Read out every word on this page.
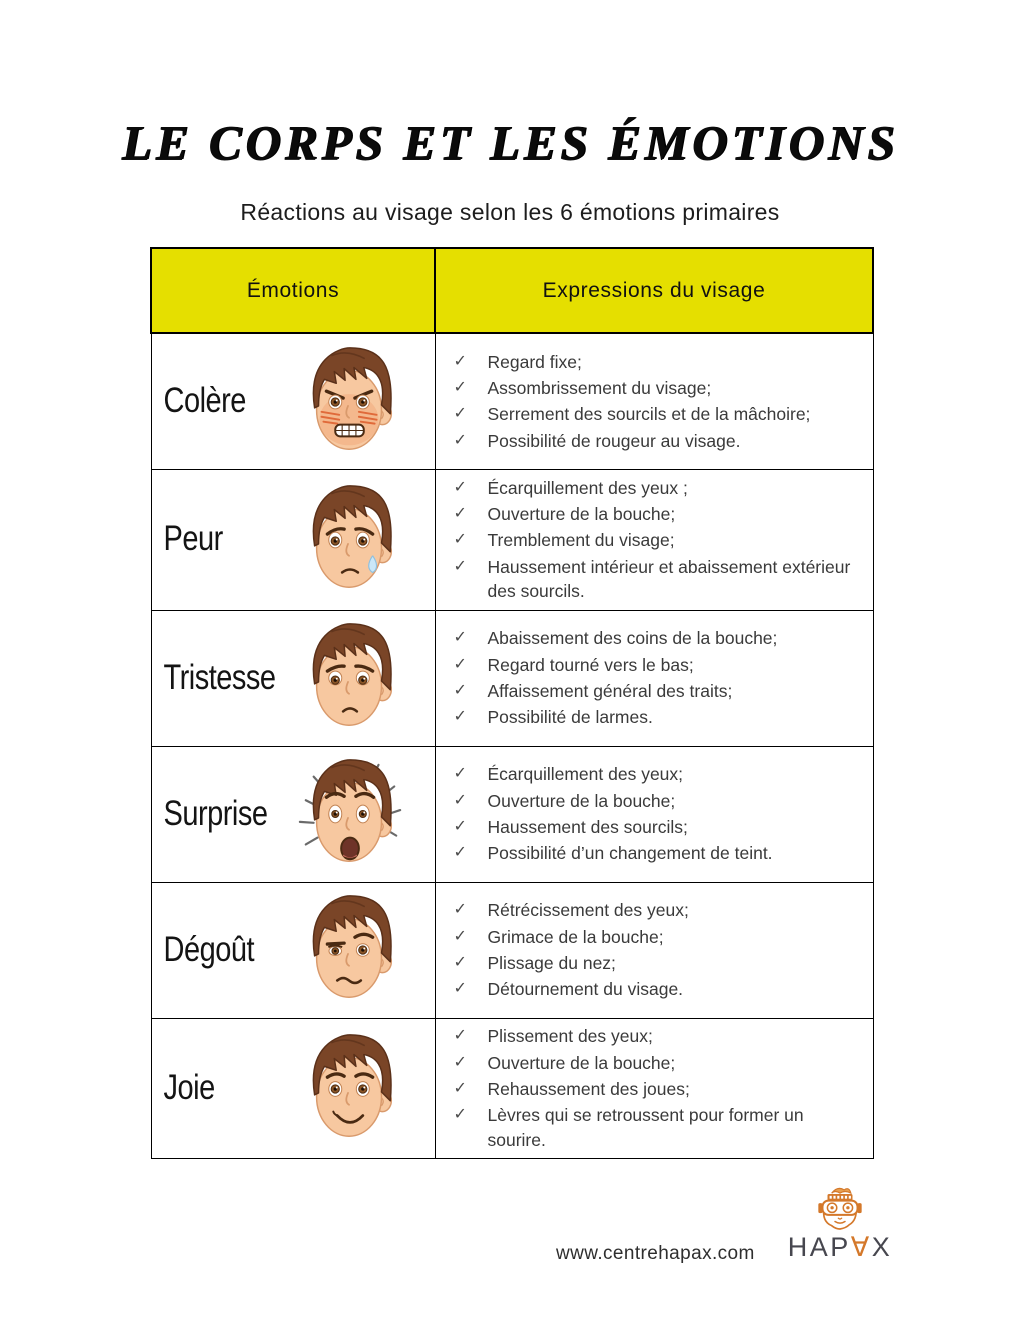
LE CORPS ET LES ÉMOTIONS
Réactions au visage selon les 6 émotions primaires
Émotions	Expressions du visage

Colère

✓	Regard fixe;
✓	Assombrissement du visage;
✓	Serrement des sourcils et de la mâchoire;
✓	Possibilité de rougeur au visage.

Peur

✓	Écarquillement des yeux ;
✓	Ouverture de la bouche;
✓	Tremblement du visage;
✓	Haussement intérieur et abaissement extérieur des sourcils.

Tristesse

✓	Abaissement des coins de la bouche;
✓	Regard tourné vers le bas;
✓	Affaissement général des traits;
✓	Possibilité de larmes.

Surprise

✓	Écarquillement des yeux;
✓	Ouverture de la bouche;
✓	Haussement des sourcils;
✓	Possibilité d’un changement de teint.

Dégoût

✓	Rétrécissement des yeux;
✓	Grimace de la bouche;
✓	Plissage du nez;
✓	Détournement du visage.

Joie

✓	Plissement des yeux;
✓	Ouverture de la bouche;
✓	Rehaussement des joues;
✓	Lèvres qui se retroussent pour former un sourire.
www.centrehapax.com HAP∀X
